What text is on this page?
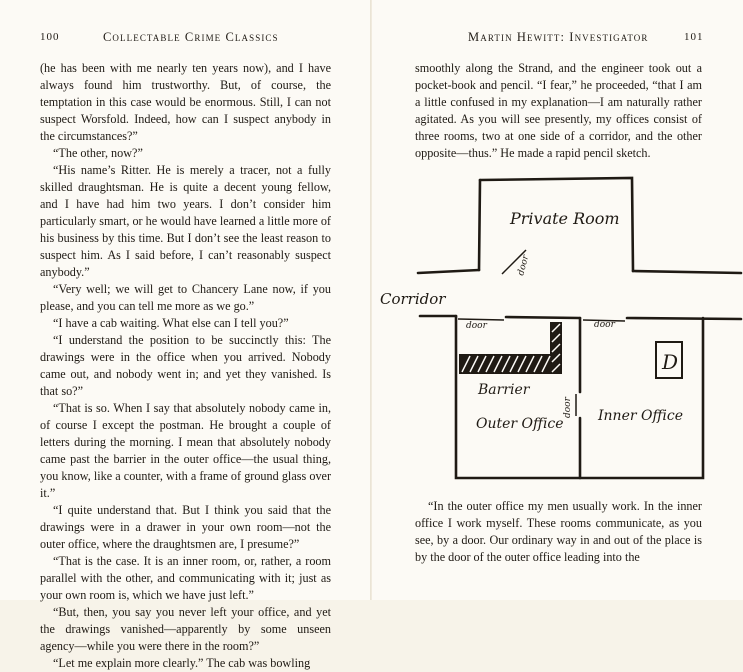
100	Collectable Crime Classics

(he has been with me nearly ten years now), and I have always found him trustworthy. But, of course, the temptation in this case would be enormous. Still, I can not suspect Worsfold. Indeed, how can I suspect anybody in the circumstances?”

“The other, now?”

“His name’s Ritter. He is merely a tracer, not a fully skilled draughtsman. He is quite a decent young fellow, and I have had him two years. I don’t consider him particularly smart, or he would have learned a little more of his business by this time. But I don’t see the least reason to suspect him. As I said before, I can’t reasonably suspect anybody.”

“Very well; we will get to Chancery Lane now, if you please, and you can tell me more as we go.”

“I have a cab waiting. What else can I tell you?”

“I understand the position to be succinctly this: The drawings were in the office when you arrived. Nobody came out, and nobody went in; and yet they vanished. Is that so?”

“That is so. When I say that absolutely nobody came in, of course I except the postman. He brought a couple of letters during the morning. I mean that absolutely nobody came past the barrier in the outer office—the usual thing, you know, like a counter, with a frame of ground glass over it.”

“I quite understand that. But I think you said that the drawings were in a drawer in your own room—not the outer office, where the draughtsmen are, I presume?”

“That is the case. It is an inner room, or, rather, a room parallel with the other, and communicating with it; just as your own room is, which we have just left.”

“But, then, you say you never left your office, and yet the drawings vanished—apparently by some unseen agency—while you were there in the room?”

“Let me explain more clearly.” The cab was bowling

Martin Hewitt: Investigator	101

smoothly along the Strand, and the engineer took out a pocket-book and pencil. “I fear,” he proceeded, “that I am a little confused in my explanation—I am naturally rather agitated. As you will see presently, my offices consist of three rooms, two at one side of a corridor, and the other opposite—thus.” He made a rapid pencil sketch.

D
Private Room
Corridor
door	door
door
door
Barrier
Outer Office Inner Office

“In the outer office my men usually work. In the inner office I work myself. These rooms communicate, as you see, by a door. Our ordinary way in and out of the place is by the door of the outer office leading into the
